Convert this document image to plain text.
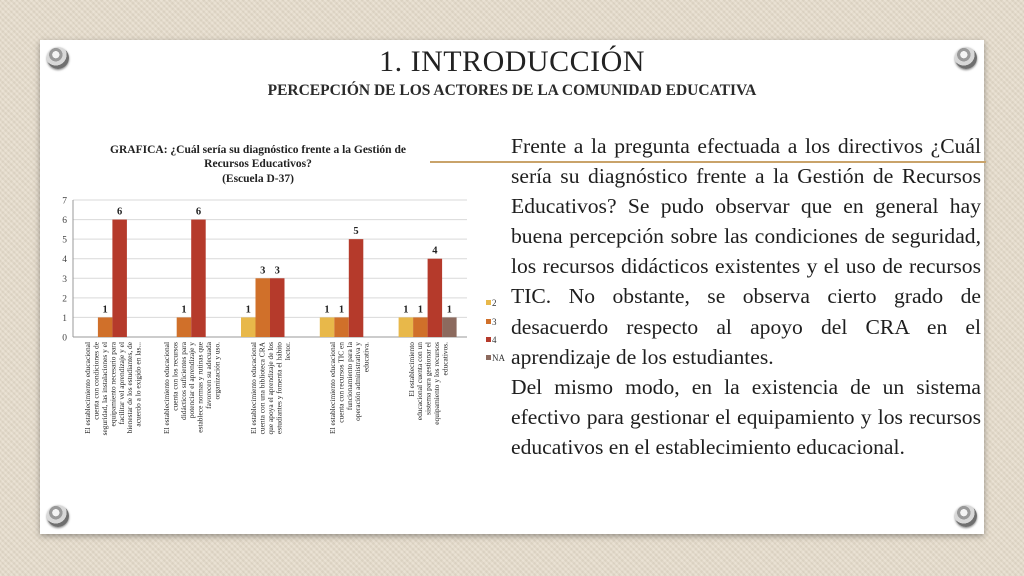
1. INTRODUCCIÓN
PERCEPCIÓN DE LOS ACTORES DE LA COMUNIDAD EDUCATIVA
GRAFICA: ¿Cuál sería su diagnóstico frente a la Gestión de
Recursos Educativos?
(Escuela D-37)
0
1
2
3
4
5
6
7
1	1	1
1	1
3
1	1
6	6
3
5
4
1
2
3
4
NA
El establecimiento educacional cuenta con condiciones de seguridad, las instalaciones y el equipamiento necesario para facilitar vel aprendizaje y el bienestar de los estudiantes, de acuerdo a lo exigido en las...	El establecimiento educacional cuenta con los recursos didácticos suficientes para potenciar el aprendizaje y establece normas y rutinas que favorecen su adecuada organización y uso.	El establecimiento educacional cuenta con una biblioteca CRA que apoya el aprendizaje de los estudiantes y fomenta el hábito lector.	El establecimiento educacional cuenta con recursos TIC en funcionamiento para la operación administrativa y educativa.	El establecimiento educacional cuenta con un sistema para gestionar el equipamiento y los recursos educativos.

Frente a la pregunta efectuada a los directivos ¿Cuál sería su diagnóstico frente a la Gestión de Recursos Educativos? Se pudo observar que en general hay buena percepción sobre las condiciones de seguridad, los recursos didácticos existentes y el uso de recursos TIC. No obstante, se observa cierto grado de desacuerdo respecto al apoyo del CRA en el aprendizaje de los estudiantes.

Del mismo modo, en la existencia de un sistema efectivo para gestionar el equipamiento y los recursos educativos en el establecimiento educacional.
